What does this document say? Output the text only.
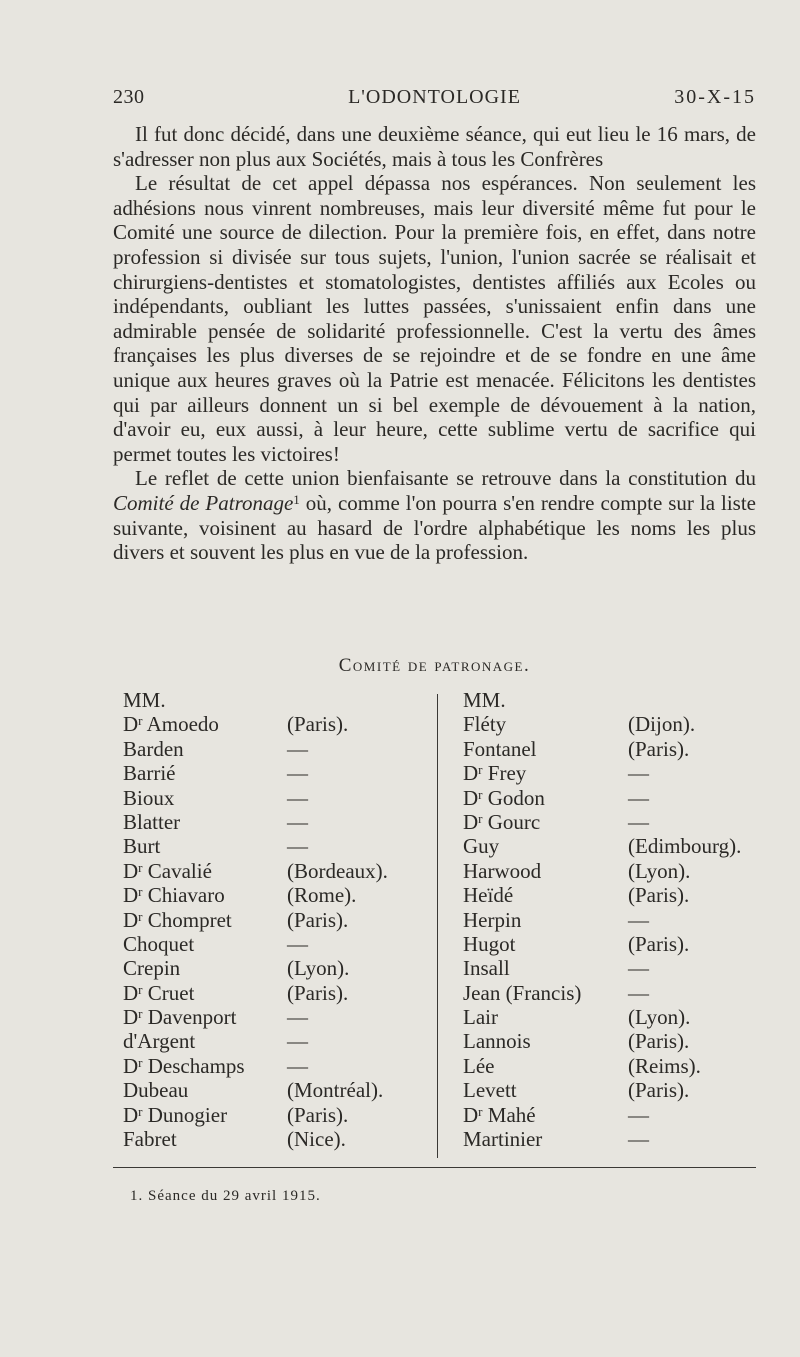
230	L'ODONTOLOGIE	30-X-15

Il fut donc décidé, dans une deuxième séance, qui eut lieu le 16 mars, de s'adresser non plus aux Sociétés, mais à tous les Confrères

Le résultat de cet appel dépassa nos espérances. Non seulement les adhésions nous vinrent nombreuses, mais leur diversité même fut pour le Comité une source de dilection. Pour la première fois, en effet, dans notre profession si divisée sur tous sujets, l'union, l'union sacrée se réalisait et chirurgiens-dentistes et stomatologistes, dentistes affiliés aux Ecoles ou indépendants, oubliant les luttes passées, s'unissaient enfin dans une admirable pensée de solidarité professionnelle. C'est la vertu des âmes françaises les plus diverses de se rejoindre et de se fondre en une âme unique aux heures graves où la Patrie est menacée. Félicitons les dentistes qui par ailleurs donnent un si bel exemple de dévouement à la nation, d'avoir eu, eux aussi, à leur heure, cette sublime vertu de sacrifice qui permet toutes les victoires!

Le reflet de cette union bienfaisante se retrouve dans la constitution du Comité de Patronage$^1$ où, comme l'on pourra s'en rendre compte sur la liste suivante, voisinent au hasard de l'ordre alphabétique les noms les plus divers et souvent les plus en vue de la profession.

Comité de patronage.
MM.
$D^r$ Amoedo	(Paris).
Barden	—
Barrié	—
Bioux	—
Blatter	—
Burt	—
$D^r$ Cavalié	(Bordeaux).
$D^r$ Chiavaro	(Rome).
$D^r$ Chompret	(Paris).
Choquet	—
Crepin	(Lyon).
$D^r$ Cruet	(Paris).
$D^r$ Davenport —
d'Argent	—
$D^r$ Deschamps —
Dubeau	(Montréal).
$D^r$ Dunogier	(Paris).
Fabret	(Nice).
MM.
Fléty	(Dijon).
Fontanel	(Paris).
$D^r$ Frey	—
$D^r$ Godon	—
$D^r$ Gourc	—
Guy	(Edimbourg).
Harwood	(Lyon).
Heïdé	(Paris).
Herpin	—
Hugot	(Paris).
Insall	—
Jean (Francis) —
Lair	(Lyon).
Lannois	(Paris).
Lée	(Reims).
Levett	(Paris).
$D^r$ Mahé	—
Martinier	—
1. Séance du 29 avril 1915.
